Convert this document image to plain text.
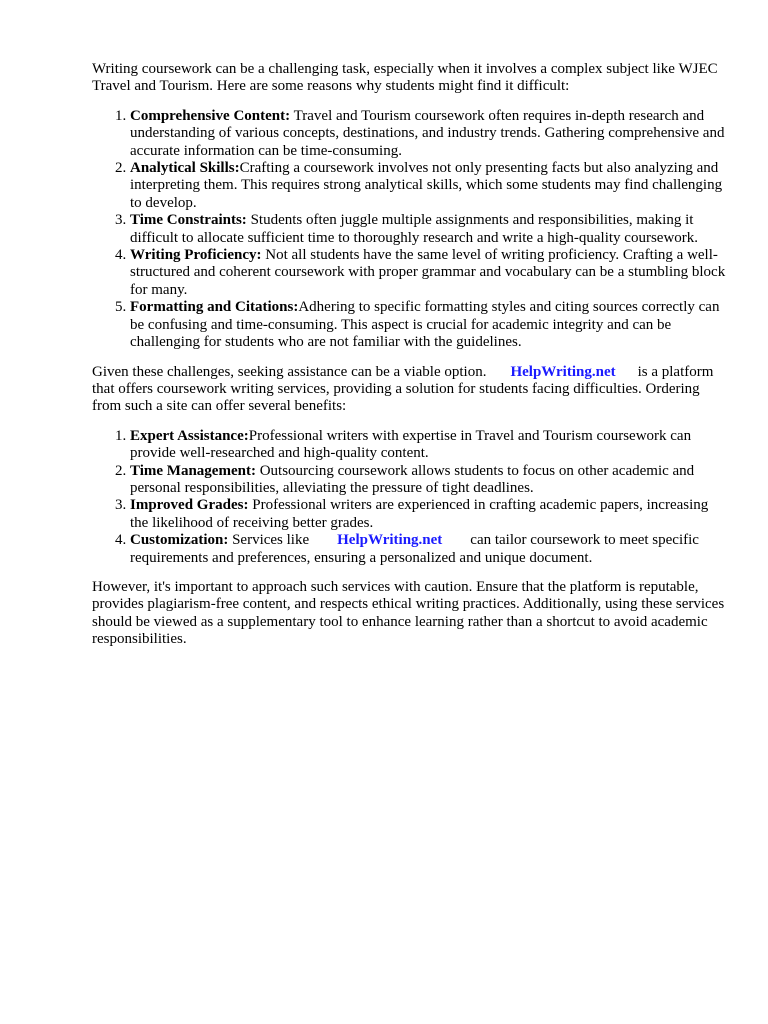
Writing coursework can be a challenging task, especially when it involves a complex subject like WJEC Travel and Tourism. Here are some reasons why students might find it difficult:

1. Comprehensive Content: Travel and Tourism coursework often requires in-depth research and understanding of various concepts, destinations, and industry trends. Gathering comprehensive and accurate information can be time-consuming.
2. Analytical Skills:Crafting a coursework involves not only presenting facts but also analyzing and interpreting them. This requires strong analytical skills, which some students may find challenging to develop.
3. Time Constraints: Students often juggle multiple assignments and responsibilities, making it difficult to allocate sufficient time to thoroughly research and write a high-quality coursework.
4. Writing Proficiency: Not all students have the same level of writing proficiency. Crafting a well-structured and coherent coursework with proper grammar and vocabulary can be a stumbling block for many.
5. Formatting and Citations:Adhering to specific formatting styles and citing sources correctly can be confusing and time-consuming. This aspect is crucial for academic integrity and can be challenging for students who are not familiar with the guidelines.

Given these challenges, seeking assistance can be a viable option. HelpWriting.net is a platform that offers coursework writing services, providing a solution for students facing difficulties. Ordering from such a site can offer several benefits:

1. Expert Assistance:Professional writers with expertise in Travel and Tourism coursework can provide well-researched and high-quality content.
2. Time Management: Outsourcing coursework allows students to focus on other academic and personal responsibilities, alleviating the pressure of tight deadlines.
3. Improved Grades: Professional writers are experienced in crafting academic papers, increasing the likelihood of receiving better grades.
4. Customization: Services like HelpWriting.net can tailor coursework to meet specific requirements and preferences, ensuring a personalized and unique document.

However, it's important to approach such services with caution. Ensure that the platform is reputable, provides plagiarism-free content, and respects ethical writing practices. Additionally, using these services should be viewed as a supplementary tool to enhance learning rather than a shortcut to avoid academic responsibilities.
